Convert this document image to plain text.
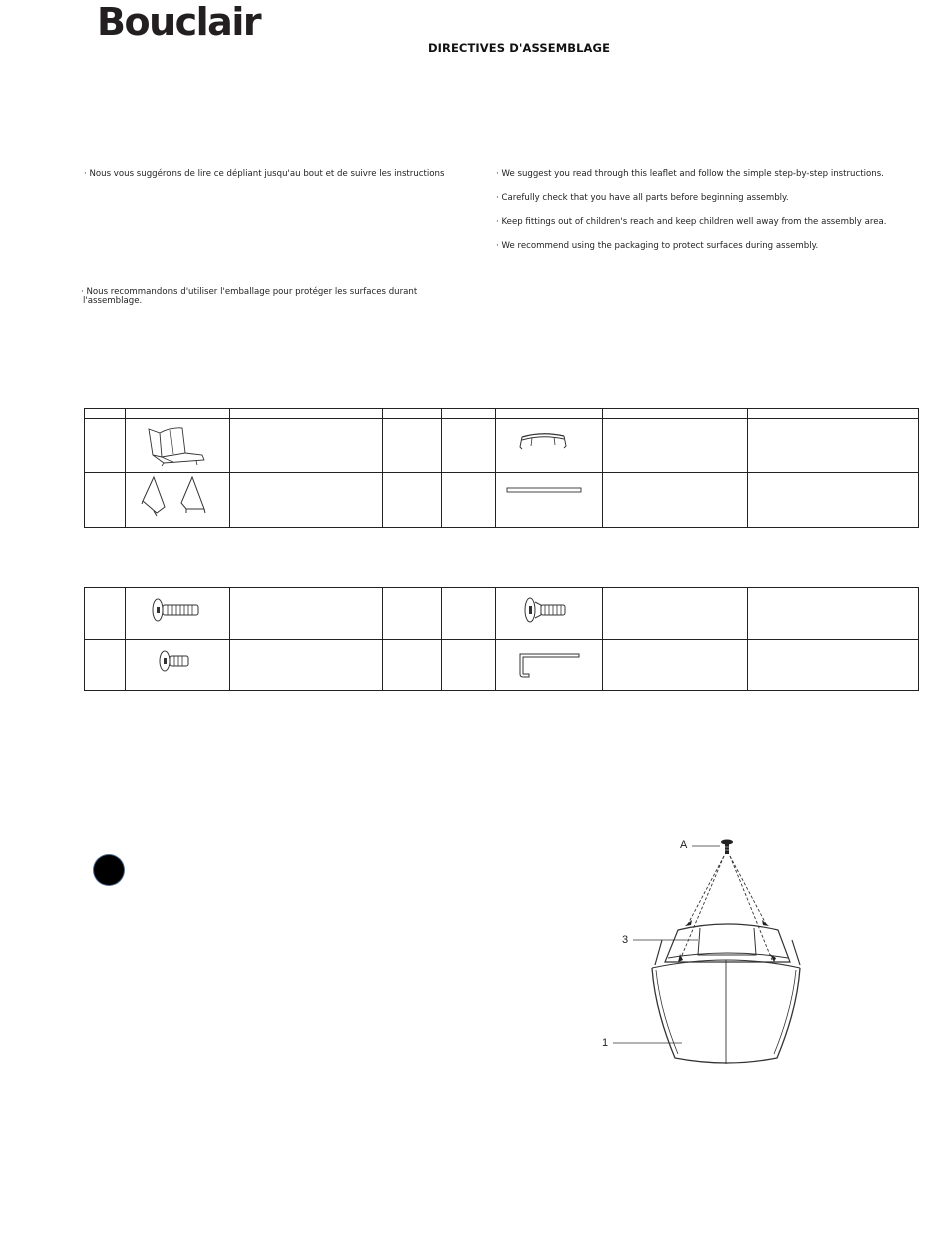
Bouclair
DIRECTIVES D'ASSEMBLAGE
· Nous vous suggérons de lire ce dépliant jusqu'au bout et de suivre les instructions
· Nous recommandons d'utiliser l'emballage pour protéger les surfaces durant
l'assemblage.
· We suggest you read through this leaflet and follow the simple step-by-step instructions.
· Carefully check that you have all parts before beginning assembly.
· Keep fittings out of children's reach and keep children well away from the assembly area.
· We recommend using the packaging to protect surfaces during assembly.

A
3
1
